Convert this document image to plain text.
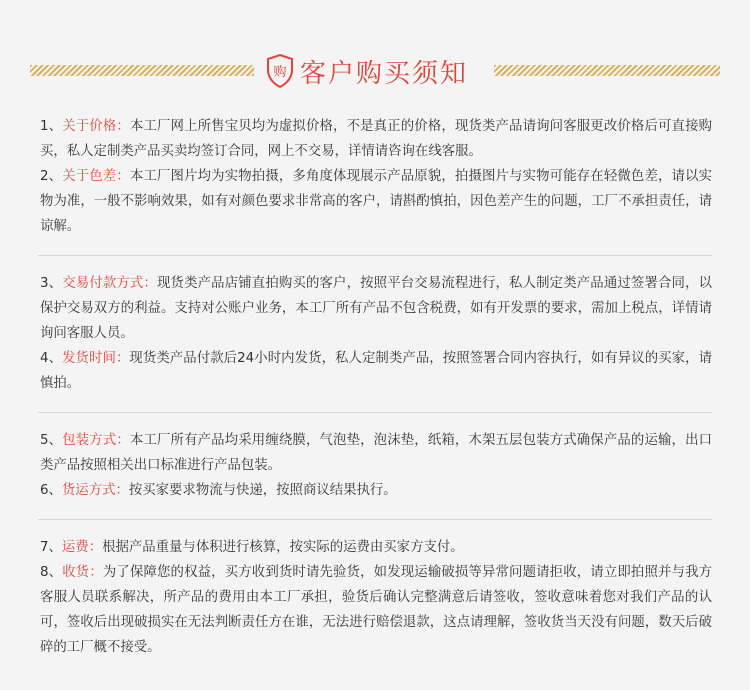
购 客户购买须知
1、关于价格：本工厂网上所售宝贝均为虚拟价格，不是真正的价格，现货类产品请询问客服更改价格后可直接购买，私人定制类产品买卖均签订合同，网上不交易，详情请咨询在线客服。
2、关于色差：本工厂图片均为实物拍摄，多角度体现展示产品原貌，拍摄图片与实物可能存在轻微色差，请以实物为准，一般不影响效果，如有对颜色要求非常高的客户，请斟酌慎拍，因色差产生的问题，工厂不承担责任，请谅解。
3、交易付款方式：现货类产品店铺直拍购买的客户，按照平台交易流程进行，私人制定类产品通过签署合同，以保护交易双方的利益。支持对公账户业务，本工厂所有产品不包含税费，如有开发票的要求，需加上税点，详情请询问客服人员。
4、发货时间：现货类产品付款后24小时内发货，私人定制类产品，按照签署合同内容执行，如有异议的买家，请慎拍。
5、包装方式：本工厂所有产品均采用缠绕膜，气泡垫，泡沫垫，纸箱，木架五层包装方式确保产品的运输，出口类产品按照相关出口标准进行产品包装。
6、货运方式：按买家要求物流与快递，按照商议结果执行。
7、运费：根据产品重量与体积进行核算，按实际的运费由买家方支付。
8、收货：为了保障您的权益，买方收到货时请先验货，如发现运输破损等异常问题请拒收，请立即拍照并与我方客服人员联系解决，所产品的费用由本工厂承担，验货后确认完整满意后请签收，签收意味着您对我们产品的认可，签收后出现破损实在无法判断责任方在谁，无法进行赔偿退款，这点请理解，签收货当天没有问题，数天后破碎的工厂概不接受。
